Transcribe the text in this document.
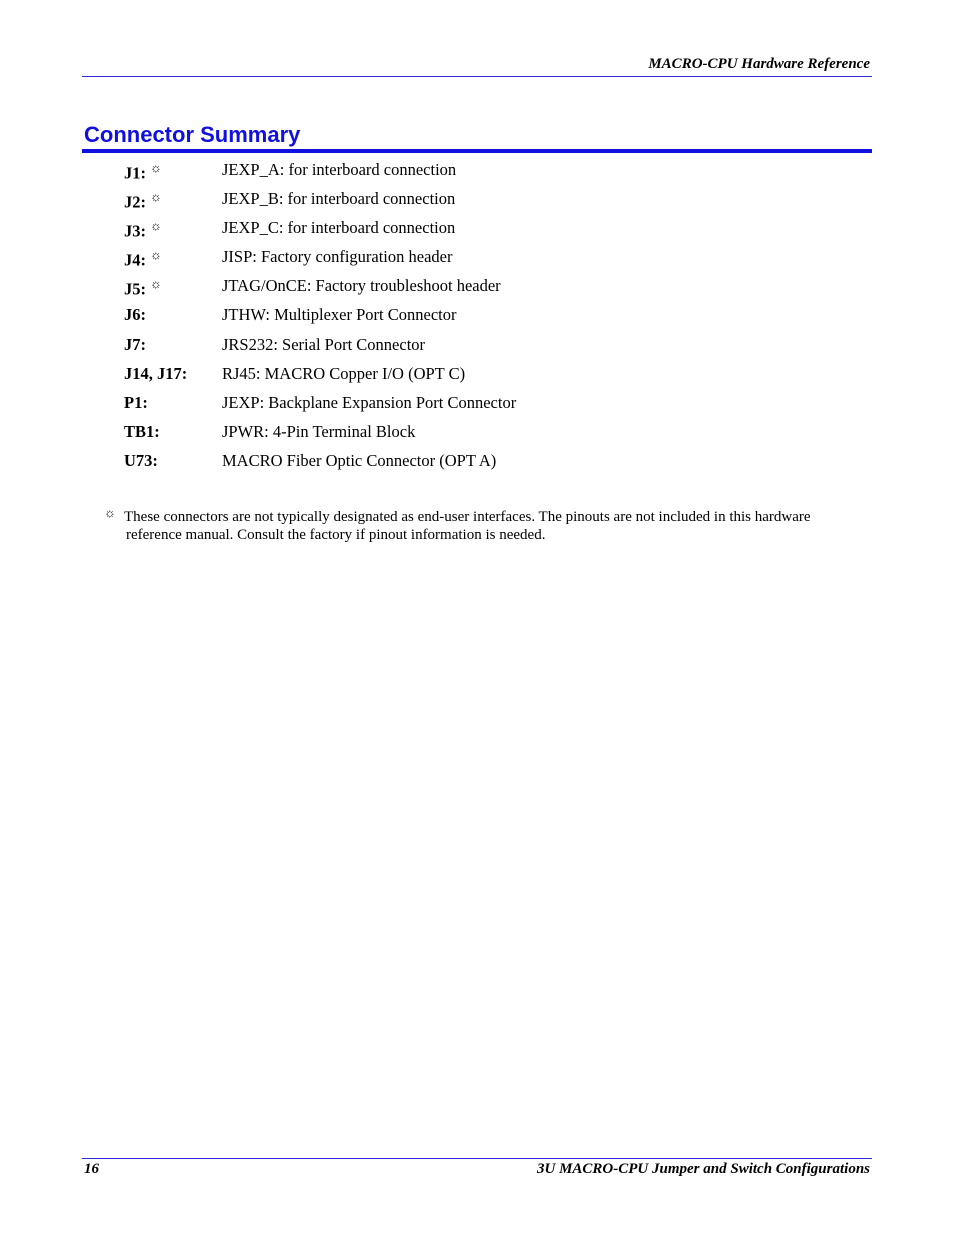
MACRO-CPU Hardware Reference
Connector Summary
J1: ☼	JEXP_A: for interboard connection
J2: ☼	JEXP_B: for interboard connection
J3: ☼	JEXP_C: for interboard connection
J4: ☼	JISP: Factory configuration header
J5: ☼	JTAG/OnCE: Factory troubleshoot header
J6:	JTHW: Multiplexer Port Connector
J7:	JRS232: Serial Port Connector
J14, J17: RJ45: MACRO Copper I/O (OPT C)
P1:	JEXP: Backplane Expansion Port Connector
TB1:	JPWR: 4-Pin Terminal Block
U73:	MACRO Fiber Optic Connector (OPT A)
☼ These connectors are not typically designated as end-user interfaces. The pinouts are not included in this hardware
reference manual. Consult the factory if pinout information is needed.
16	3U MACRO-CPU Jumper and Switch Configurations
